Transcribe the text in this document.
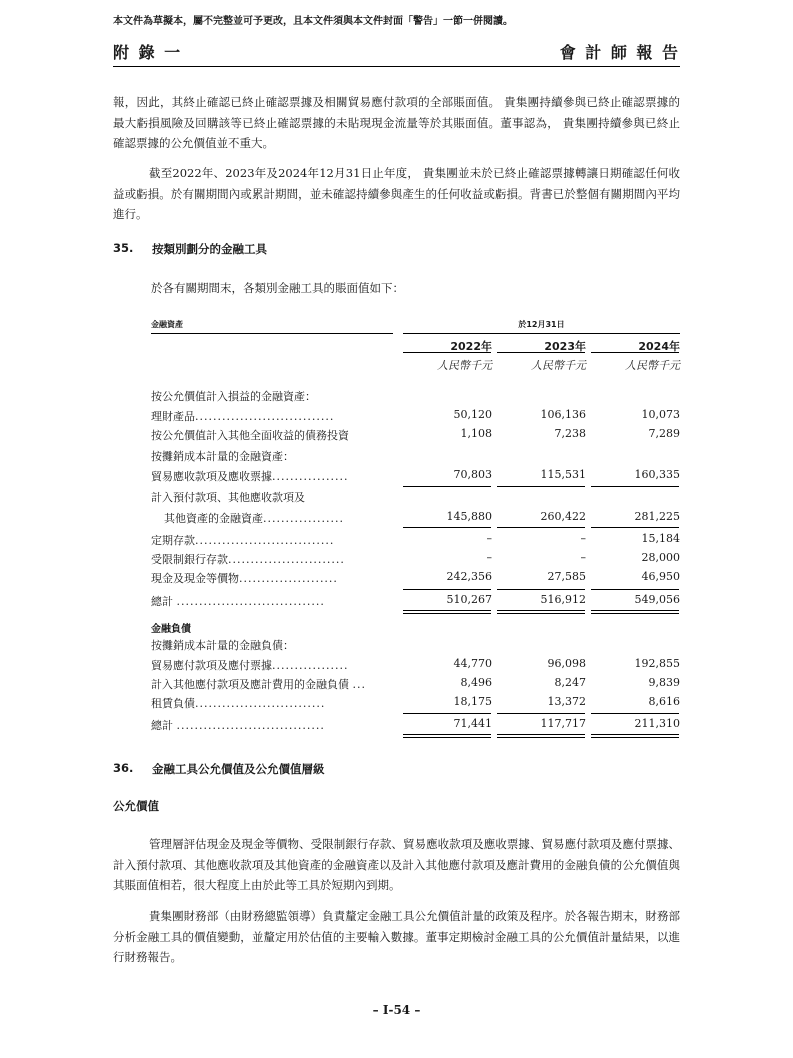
本文件為草擬本，屬不完整並可予更改，且本文件須與本文件封面「警告」一節一併閱讀。
附 錄 一	會 計 師 報 告
報，因此，其終止確認已終止確認票據及相關貿易應付款項的全部賬面值。 貴集團持續參與已終止確認票據的最大虧損風險及回購該等已終止確認票據的未貼現現金流量等於其賬面值。董事認為， 貴集團持續參與已終止確認票據的公允價值並不重大。
截至2022年、2023年及2024年12月31日止年度， 貴集團並未於已終止確認票據轉讓日期確認任何收益或虧損。於有關期間內或累計期間，並未確認持續參與產生的任何收益或虧損。背書已於整個有關期間內平均進行。
35. 按類別劃分的金融工具
於各有關期間末，各類別金融工具的賬面值如下：
金融資產	於12月31日
2022年	2023年	2024年
人民幣千元	人民幣千元	人民幣千元
按公允價值計入損益的金融資產：
理財產品...............................	50,120	106,136	10,073
按公允價值計入其他全面收益的債務投資	1,108	7,238	7,289
按攤銷成本計量的金融資產：
貿易應收款項及應收票據.................	70,803	115,531	160,335
計入預付款項、其他應收款項及
其他資產的金融資產..................	145,880	260,422	281,225
定期存款...............................	–	–	15,184
受限制銀行存款..........................	–	–	28,000
現金及現金等價物......................	242,356	27,585	46,950
總計 .................................	510,267	516,912	549,056
金融負債
按攤銷成本計量的金融負債：
貿易應付款項及應付票據.................	44,770	96,098	192,855
計入其他應付款項及應計費用的金融負債 ...	8,496	8,247	9,839
租賃負債.............................	18,175	13,372	8,616
總計 .................................	71,441	117,717	211,310
36. 金融工具公允價值及公允價值層級
公允價值
管理層評估現金及現金等價物、受限制銀行存款、貿易應收款項及應收票據、貿易應付款項及應付票據、計入預付款項、其他應收款項及其他資產的金融資產以及計入其他應付款項及應計費用的金融負債的公允價值與其賬面值相若，很大程度上由於此等工具於短期內到期。
貴集團財務部（由財務總監領導）負責釐定金融工具公允價值計量的政策及程序。於各報告期末，財務部分析金融工具的價值變動，並釐定用於估值的主要輸入數據。董事定期檢討金融工具的公允價值計量結果，以進行財務報告。
– I-54 –
